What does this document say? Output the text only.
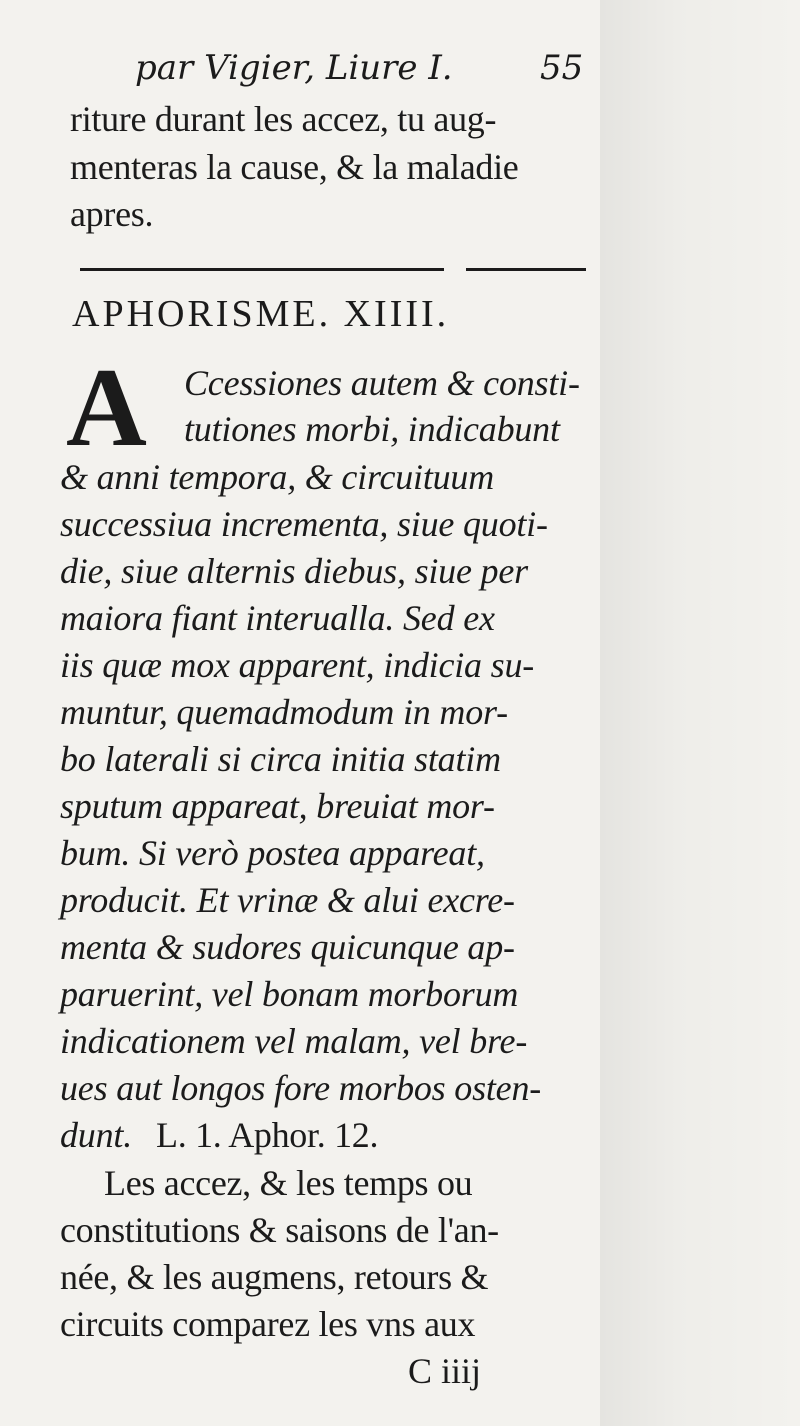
par Vigier, Liure I.	55
riture durant les accez, tu aug-
menteras la cause, & la maladie
apres.
APHORISME. XIIII.
A Ccessiones autem & consti-
tutiones morbi, indicabunt
& anni tempora, & circuituum
successiua incrementa, siue quoti-
die, siue alternis diebus, siue per
maiora fiant interualla. Sed ex
iis quæ mox apparent, indicia su-
muntur, quemadmodum in mor-
bo laterali si circa initia statim
sputum appareat, breuiat mor-
bum. Si verò postea appareat,
producit. Et vrinæ & alui excre-
menta & sudores quicunque ap-
paruerint, vel bonam morborum
indicationem vel malam, vel bre-
ues aut longos fore morbos osten-
dunt. L. 1. Aphor. 12.
Les accez, & les temps ou
constitutions & saisons de l'an-
née, & les augmens, retours &
circuits comparez les vns aux
C iiij
